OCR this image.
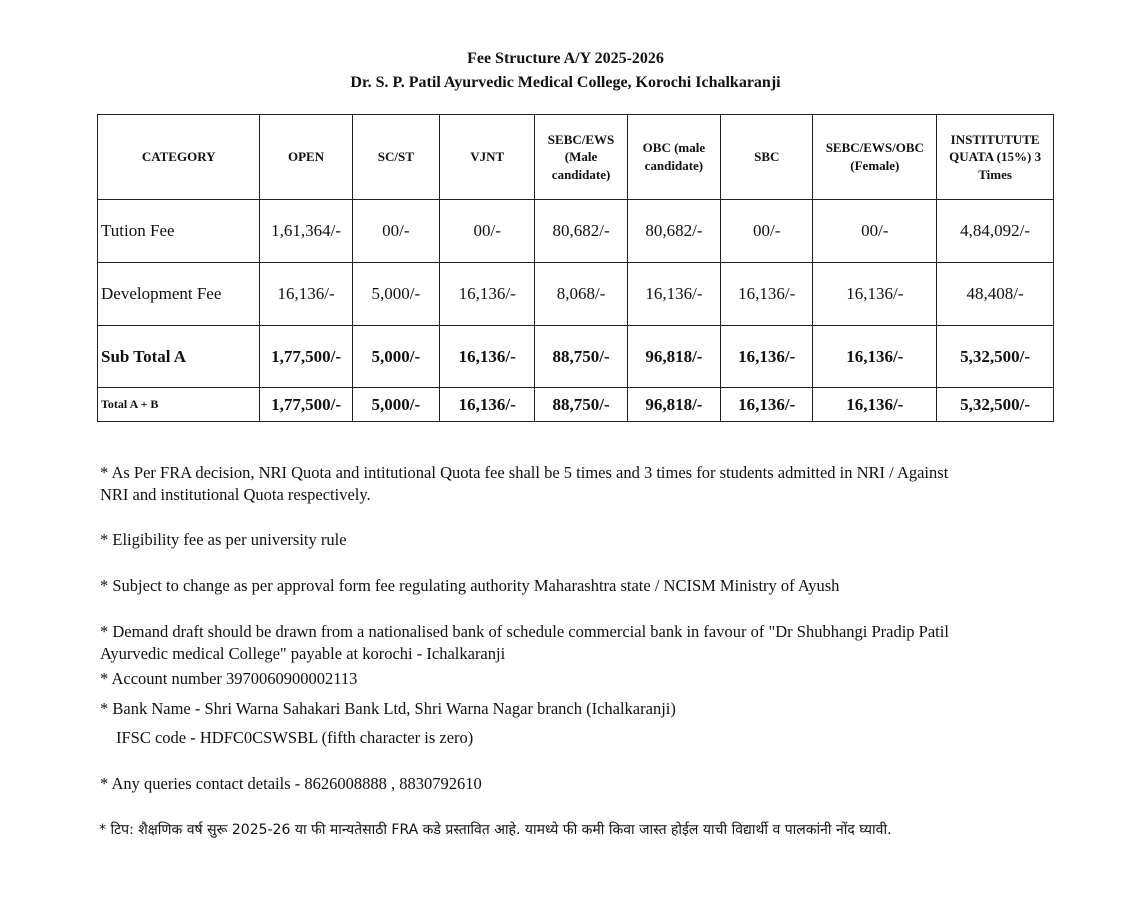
Fee Structure A/Y 2025-2026
Dr. S. P. Patil Ayurvedic Medical College, Korochi Ichalkaranji
CATEGORY	OPEN	SC/ST	VJNT	SEBC/EWS (Male candidate)	OBC (male candidate)	SBC	SEBC/EWS/OBC (Female)	INSTITUTUTE QUATA (15%) 3 Times
Tution Fee	1,61,364/-	00/-	00/-	80,682/-	80,682/-	00/-	00/-	4,84,092/-
Development Fee	16,136/-	5,000/-	16,136/-	8,068/-	16,136/-	16,136/-	16,136/-	48,408/-
Sub Total A	1,77,500/-	5,000/-	16,136/-	88,750/-	96,818/-	16,136/-	16,136/-	5,32,500/-
Total A + B	1,77,500/-	5,000/-	16,136/-	88,750/-	96,818/-	16,136/-	16,136/-	5,32,500/-
* As Per FRA decision, NRI Quota and intitutional Quota fee shall be 5 times and 3 times for students admitted in NRI / Against
NRI and institutional Quota respectively.
* Eligibility fee as per university rule
* Subject to change as per approval form fee regulating authority Maharashtra state / NCISM Ministry of Ayush
* Demand draft should be drawn from a nationalised bank of schedule commercial bank in favour of "Dr Shubhangi Pradip Patil
Ayurvedic medical College" payable at korochi - Ichalkaranji
* Account number 3970060900002113
* Bank Name - Shri Warna Sahakari Bank Ltd, Shri Warna Nagar branch (Ichalkaranji)
IFSC code - HDFC0CSWSBL (fifth character is zero)
* Any queries contact details - 8626008888 , 8830792610
* टिप: शैक्षणिक वर्ष सुरू 2025-26 या फी मान्यतेसाठी FRA कडे प्रस्तावित आहे. यामध्ये फी कमी किवा जास्त होईल याची विद्यार्थी व पालकांनी नोंद घ्यावी.
